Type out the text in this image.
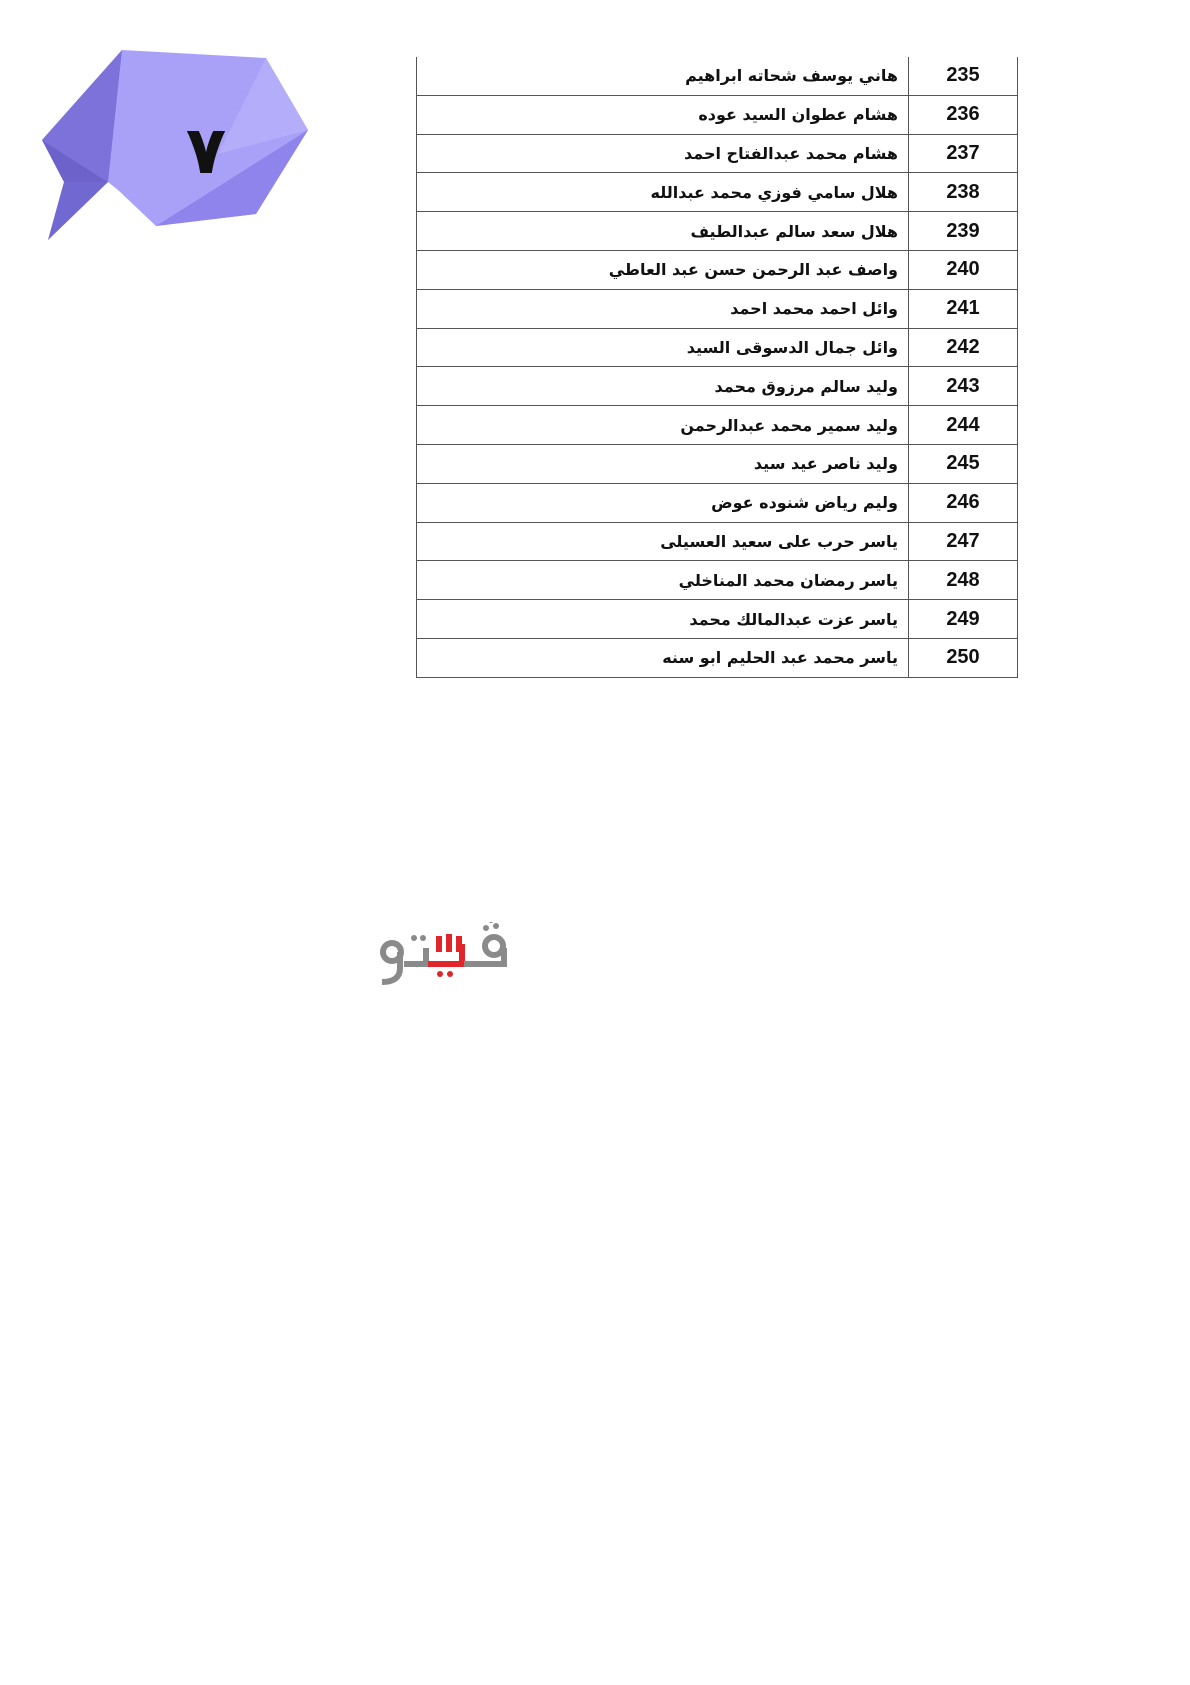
٧
235	هاني يوسف شحاته ابراهيم
236	هشام عطوان السيد عوده
237	هشام محمد عبدالفتاح احمد
238	هلال سامي فوزي محمد عبدالله
239	هلال سعد سالم عبدالطيف
240	واصف عبد الرحمن حسن عبد العاطي
241	وائل احمد محمد احمد
242	وائل جمال الدسوقى السيد
243	وليد سالم مرزوق محمد
244	وليد سمير محمد عبدالرحمن
245	وليد ناصر عيد سيد
246	وليم رياض شنوده عوض
247	ياسر حرب على سعيد العسيلى
248	ياسر رمضان محمد المناخلي
249	ياسر عزت عبدالمالك محمد
250	ياسر محمد عبد الحليم ابو سنه
